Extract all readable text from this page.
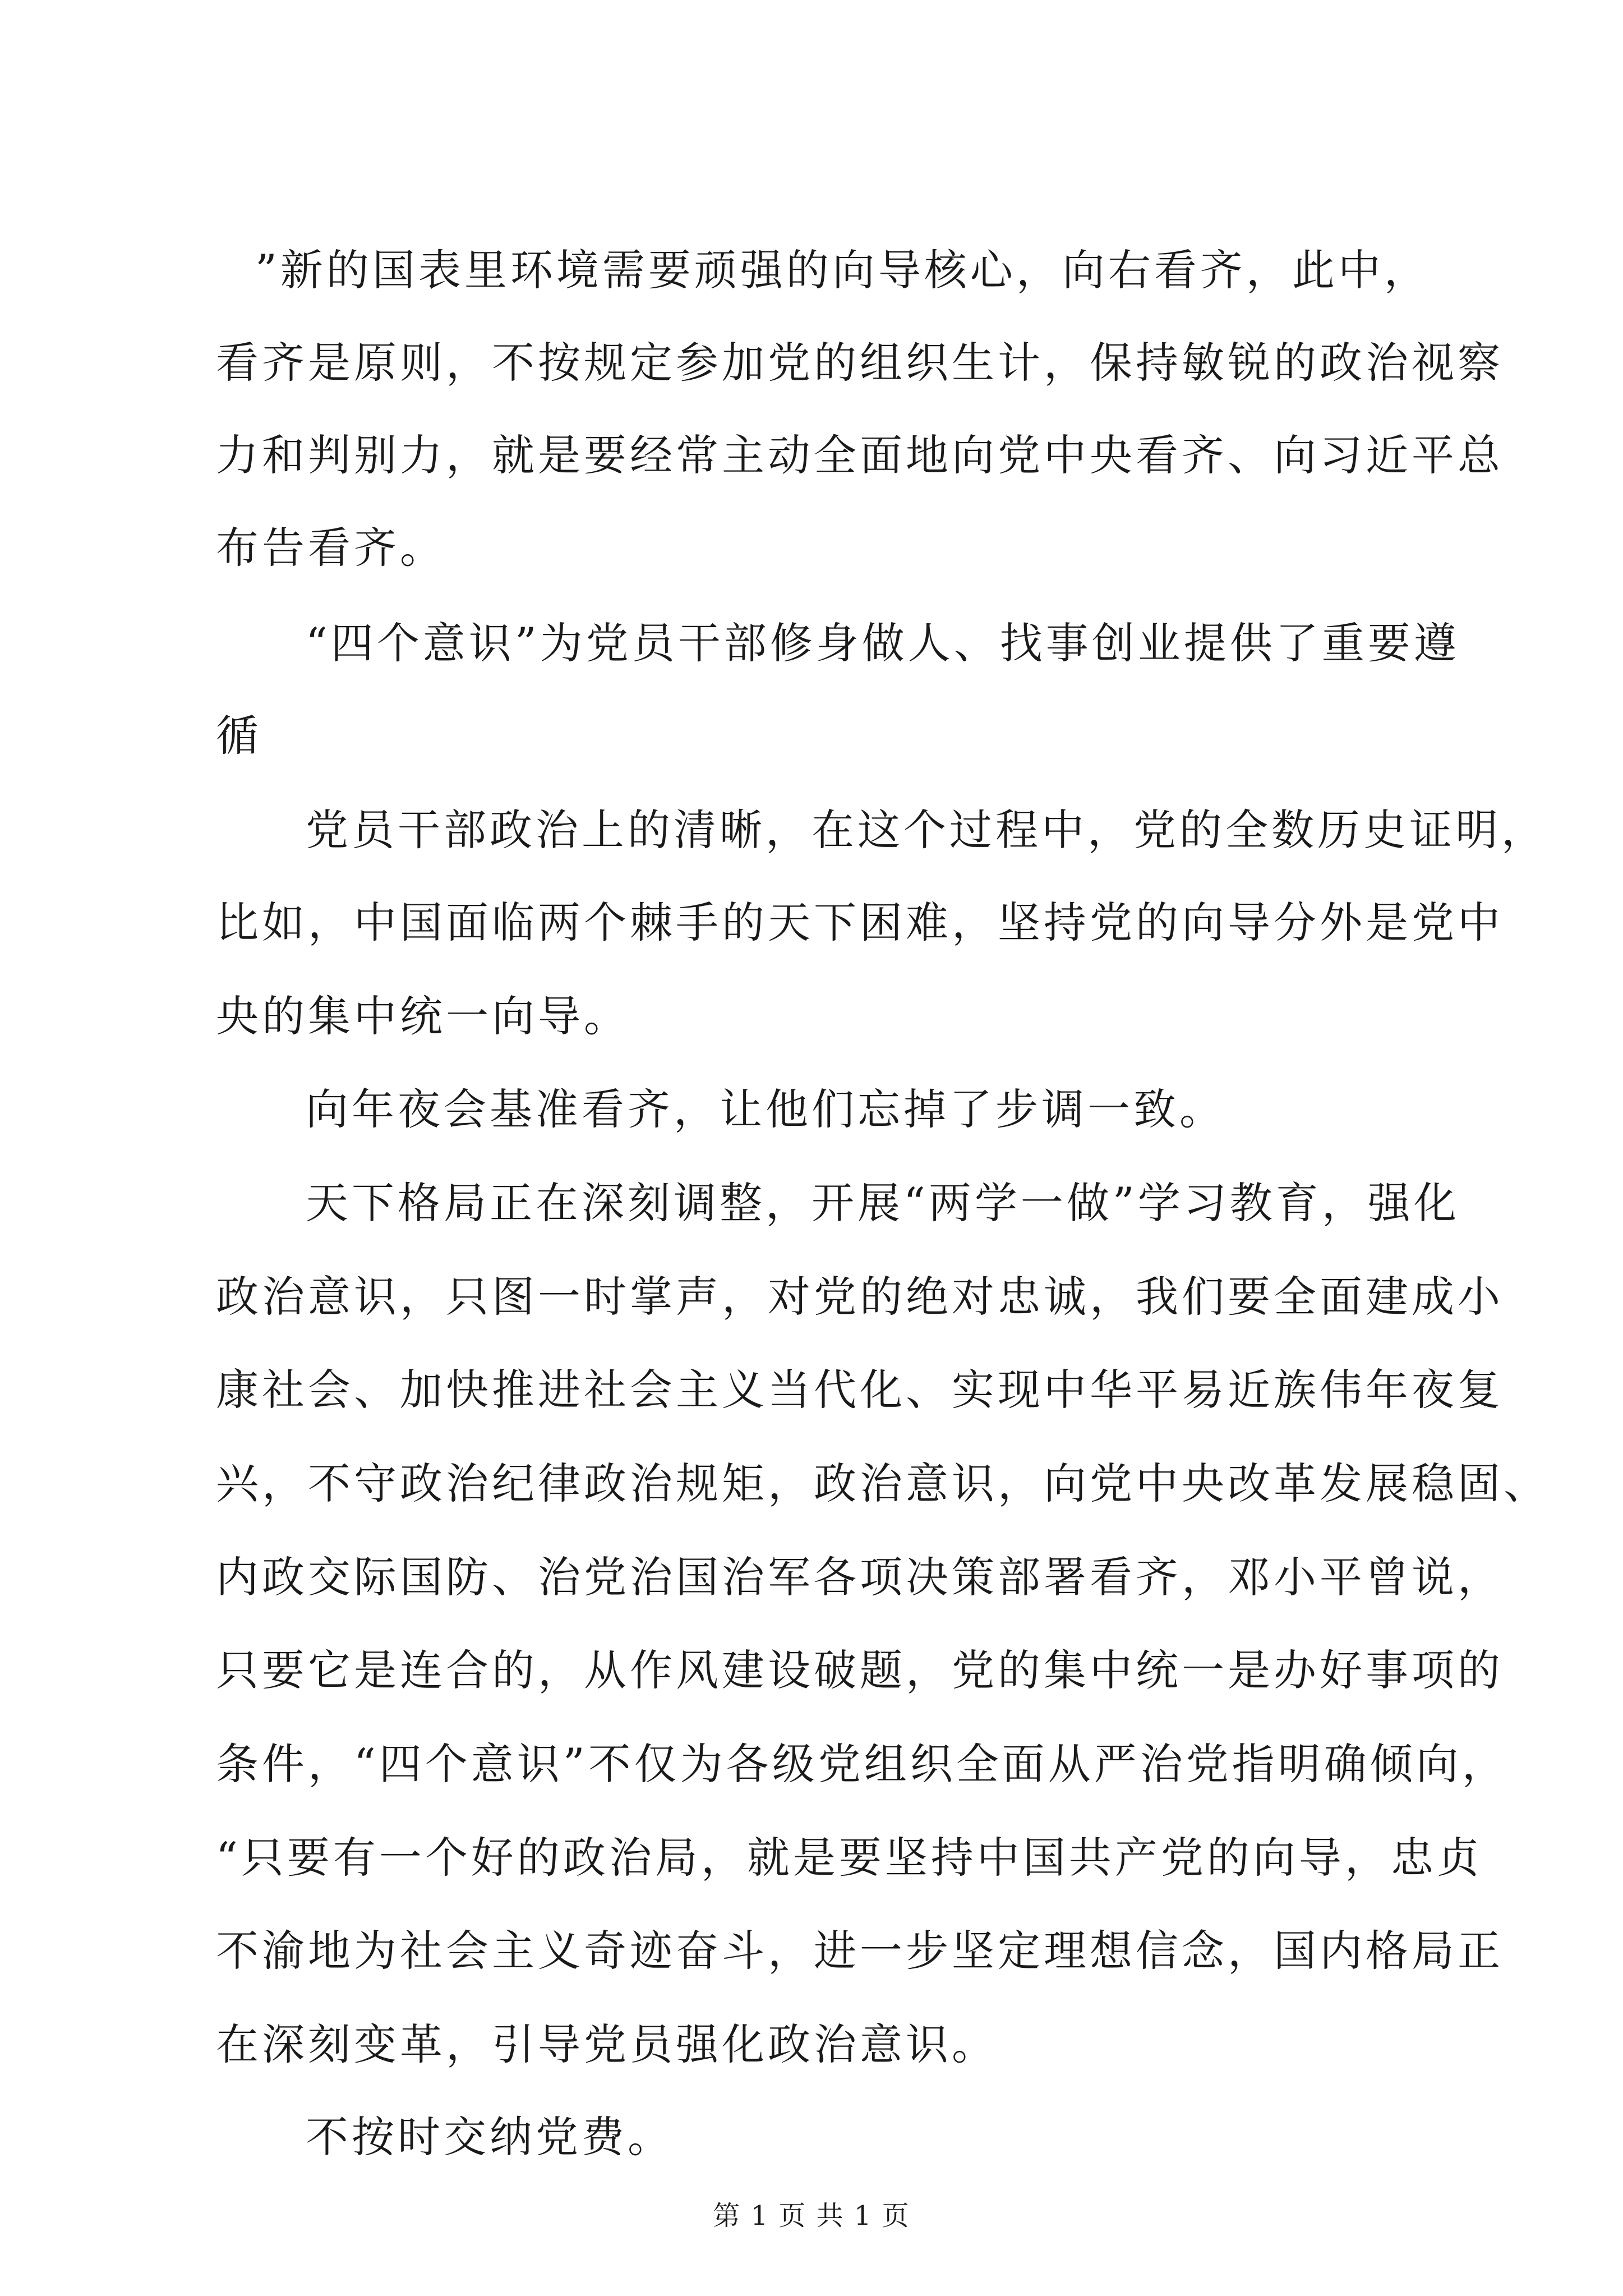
”新的国表里环境需要顽强的向导核心，向右看齐，此中，

看齐是原则，不按规定参加党的组织生计，保持敏锐的政治视察

力和判别力，就是要经常主动全面地向党中央看齐、向习近平总

布告看齐。

“四个意识”为党员干部修身做人、找事创业提供了重要遵

循

党员干部政治上的清晰，在这个过程中，党的全数历史证明，

比如，中国面临两个棘手的天下困难，坚持党的向导分外是党中

央的集中统一向导。

向年夜会基准看齐，让他们忘掉了步调一致。

天下格局正在深刻调整，开展“两学一做”学习教育，强化

政治意识，只图一时掌声，对党的绝对忠诚，我们要全面建成小

康社会、加快推进社会主义当代化、实现中华平易近族伟年夜复

兴，不守政治纪律政治规矩，政治意识，向党中央改革发展稳固、

内政交际国防、治党治国治军各项决策部署看齐，邓小平曾说，

只要它是连合的，从作风建设破题，党的集中统一是办好事项的

条件，“四个意识”不仅为各级党组织全面从严治党指明确倾向，

“只要有一个好的政治局，就是要坚持中国共产党的向导，忠贞

不渝地为社会主义奇迹奋斗，进一步坚定理想信念，国内格局正

在深刻变革，引导党员强化政治意识。

不按时交纳党费。

第 1 页 共 1 页
